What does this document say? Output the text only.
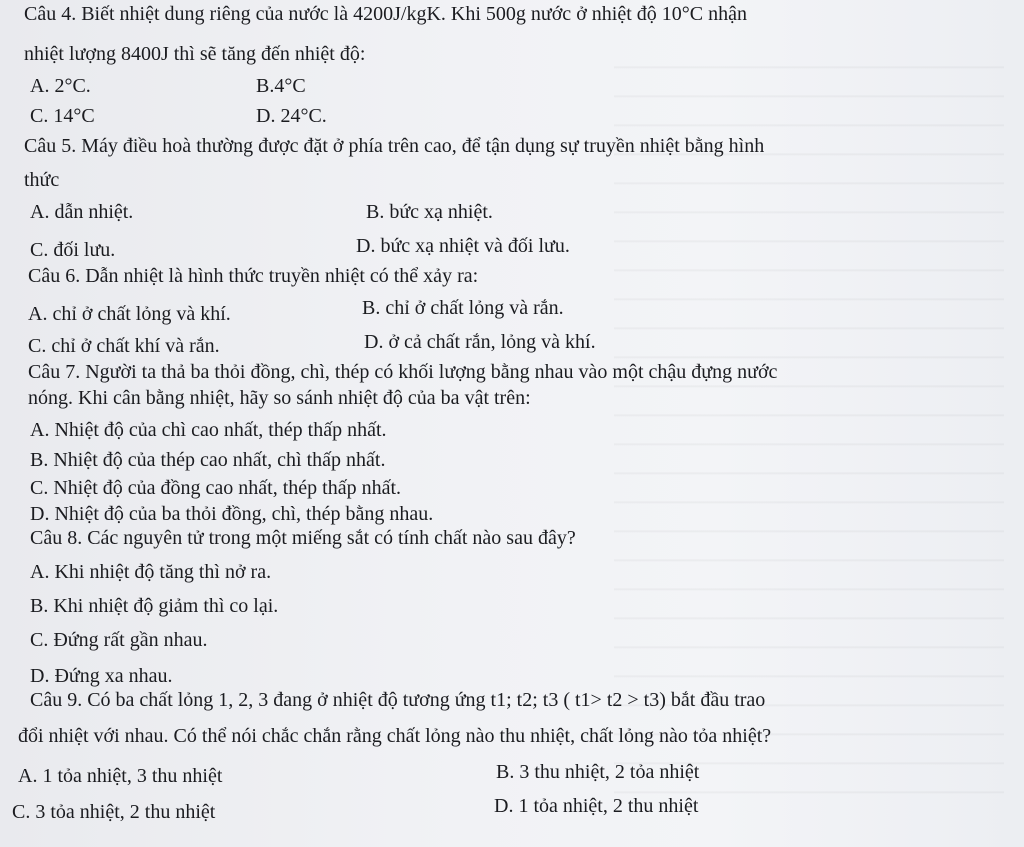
Câu 4. Biết nhiệt dung riêng của nước là 4200J/kgK. Khi 500g nước ở nhiệt độ 10°C nhận
nhiệt lượng 8400J thì sẽ tăng đến nhiệt độ:
A. 2°C.	B.4°C
C. 14°C	D. 24°C.
Câu 5. Máy điều hoà thường được đặt ở phía trên cao, để tận dụng sự truyền nhiệt bằng hình
thức
A. dẫn nhiệt.	B. bức xạ nhiệt.
C. đối lưu.	D. bức xạ nhiệt và đối lưu.
Câu 6. Dẫn nhiệt là hình thức truyền nhiệt có thể xảy ra:
A. chỉ ở chất lỏng và khí.	B. chỉ ở chất lỏng và rắn.
C. chỉ ở chất khí và rắn.	D. ở cả chất rắn, lỏng và khí.
Câu 7. Người ta thả ba thỏi đồng, chì, thép có khối lượng bằng nhau vào một chậu đựng nước
nóng. Khi cân bằng nhiệt, hãy so sánh nhiệt độ của ba vật trên:
A. Nhiệt độ của chì cao nhất, thép thấp nhất.
B. Nhiệt độ của thép cao nhất, chì thấp nhất.
C. Nhiệt độ của đồng cao nhất, thép thấp nhất.
D. Nhiệt độ của ba thỏi đồng, chì, thép bằng nhau.
Câu 8. Các nguyên tử trong một miếng sắt có tính chất nào sau đây?
A. Khi nhiệt độ tăng thì nở ra.
B. Khi nhiệt độ giảm thì co lại.
C. Đứng rất gần nhau.
D. Đứng xa nhau.
Câu 9. Có ba chất lỏng 1, 2, 3 đang ở nhiệt độ tương ứng t1; t2; t3 ( t1> t2 > t3) bắt đầu trao
đổi nhiệt với nhau. Có thể nói chắc chắn rằng chất lỏng nào thu nhiệt, chất lỏng nào tỏa nhiệt?
A. 1 tỏa nhiệt, 3 thu nhiệt	B. 3 thu nhiệt, 2 tỏa nhiệt
C. 3 tỏa nhiệt, 2 thu nhiệt	D. 1 tỏa nhiệt, 2 thu nhiệt
